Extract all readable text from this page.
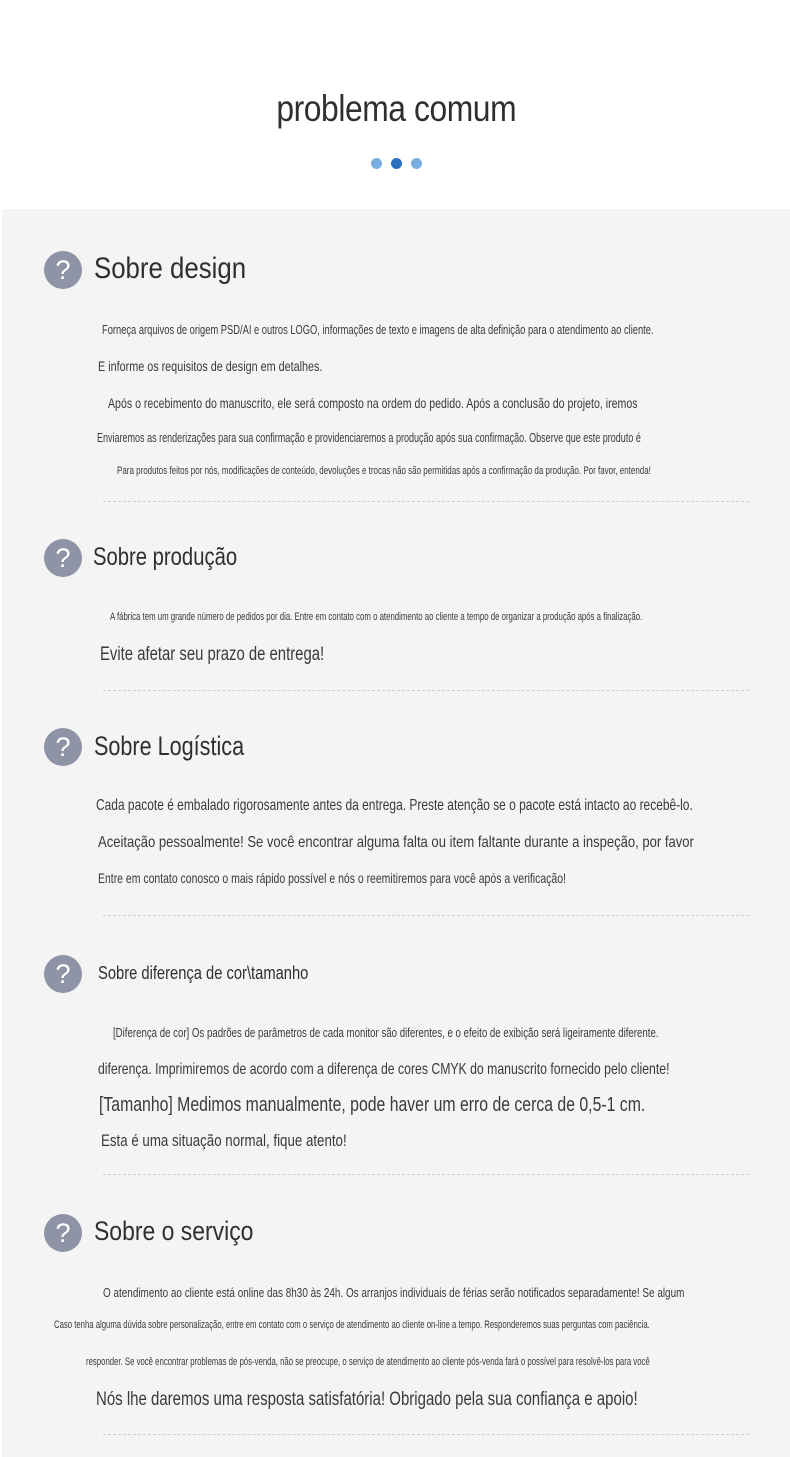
problema comum
? Sobre design
Forneça arquivos de origem PSD/AI e outros LOGO, informações de texto e imagens de alta definição para o atendimento ao cliente.
E informe os requisitos de design em detalhes.
Após o recebimento do manuscrito, ele será composto na ordem do pedido. Após a conclusão do projeto, iremos
Enviaremos as renderizações para sua confirmação e providenciaremos a produção após sua confirmação. Observe que este produto é
Para produtos feitos por nós, modificações de conteúdo, devoluções e trocas não são permitidas após a confirmação da produção. Por favor, entenda!
? Sobre produção
A fábrica tem um grande número de pedidos por dia. Entre em contato com o atendimento ao cliente a tempo de organizar a produção após a finalização.
Evite afetar seu prazo de entrega!
? Sobre Logística
Cada pacote é embalado rigorosamente antes da entrega. Preste atenção se o pacote está intacto ao recebê-lo.
Aceitação pessoalmente! Se você encontrar alguma falta ou item faltante durante a inspeção, por favor
Entre em contato conosco o mais rápido possível e nós o reemitiremos para você após a verificação!
?	Sobre diferença de cor\tamanho
[Diferença de cor] Os padrões de parâmetros de cada monitor são diferentes, e o efeito de exibição será ligeiramente diferente.
diferença. Imprimiremos de acordo com a diferença de cores CMYK do manuscrito fornecido pelo cliente!
[Tamanho] Medimos manualmente, pode haver um erro de cerca de 0,5-1 cm.
Esta é uma situação normal, fique atento!
? Sobre o serviço
O atendimento ao cliente está online das 8h30 às 24h. Os arranjos individuais de férias serão notificados separadamente! Se algum
Caso tenha alguma dúvida sobre personalização, entre em contato com o serviço de atendimento ao cliente on-line a tempo. Responderemos suas perguntas com paciência.
responder. Se você encontrar problemas de pós-venda, não se preocupe, o serviço de atendimento ao cliente pós-venda fará o possível para resolvê-los para você
Nós lhe daremos uma resposta satisfatória! Obrigado pela sua confiança e apoio!
